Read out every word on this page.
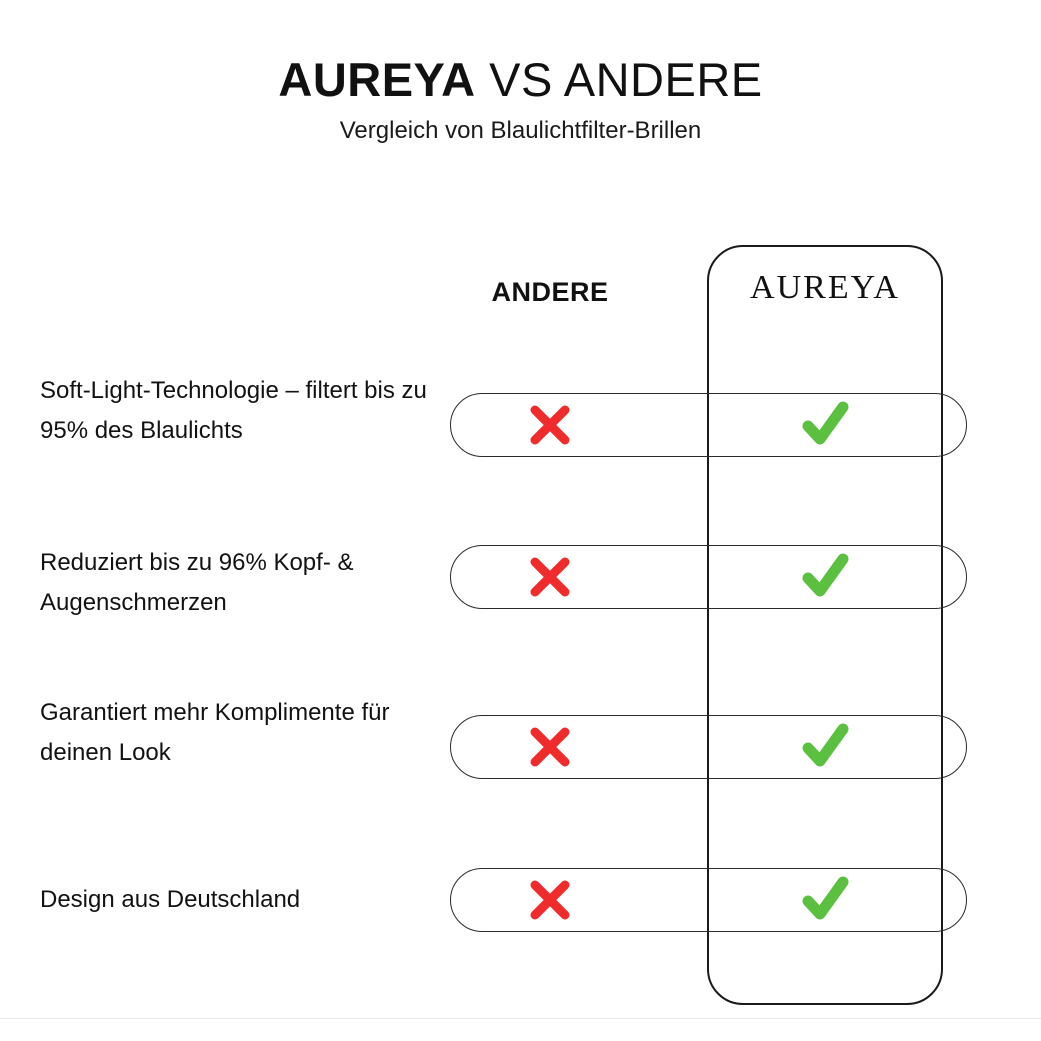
AUREYA VS ANDERE
Vergleich von Blaulichtfilter-Brillen
ANDERE	AUREYA
Soft-Light-Technologie – filtert bis zu 95% des Blaulichts
Reduziert bis zu 96% Kopf- & Augenschmerzen
Garantiert mehr Komplimente für deinen Look
Design aus Deutschland
